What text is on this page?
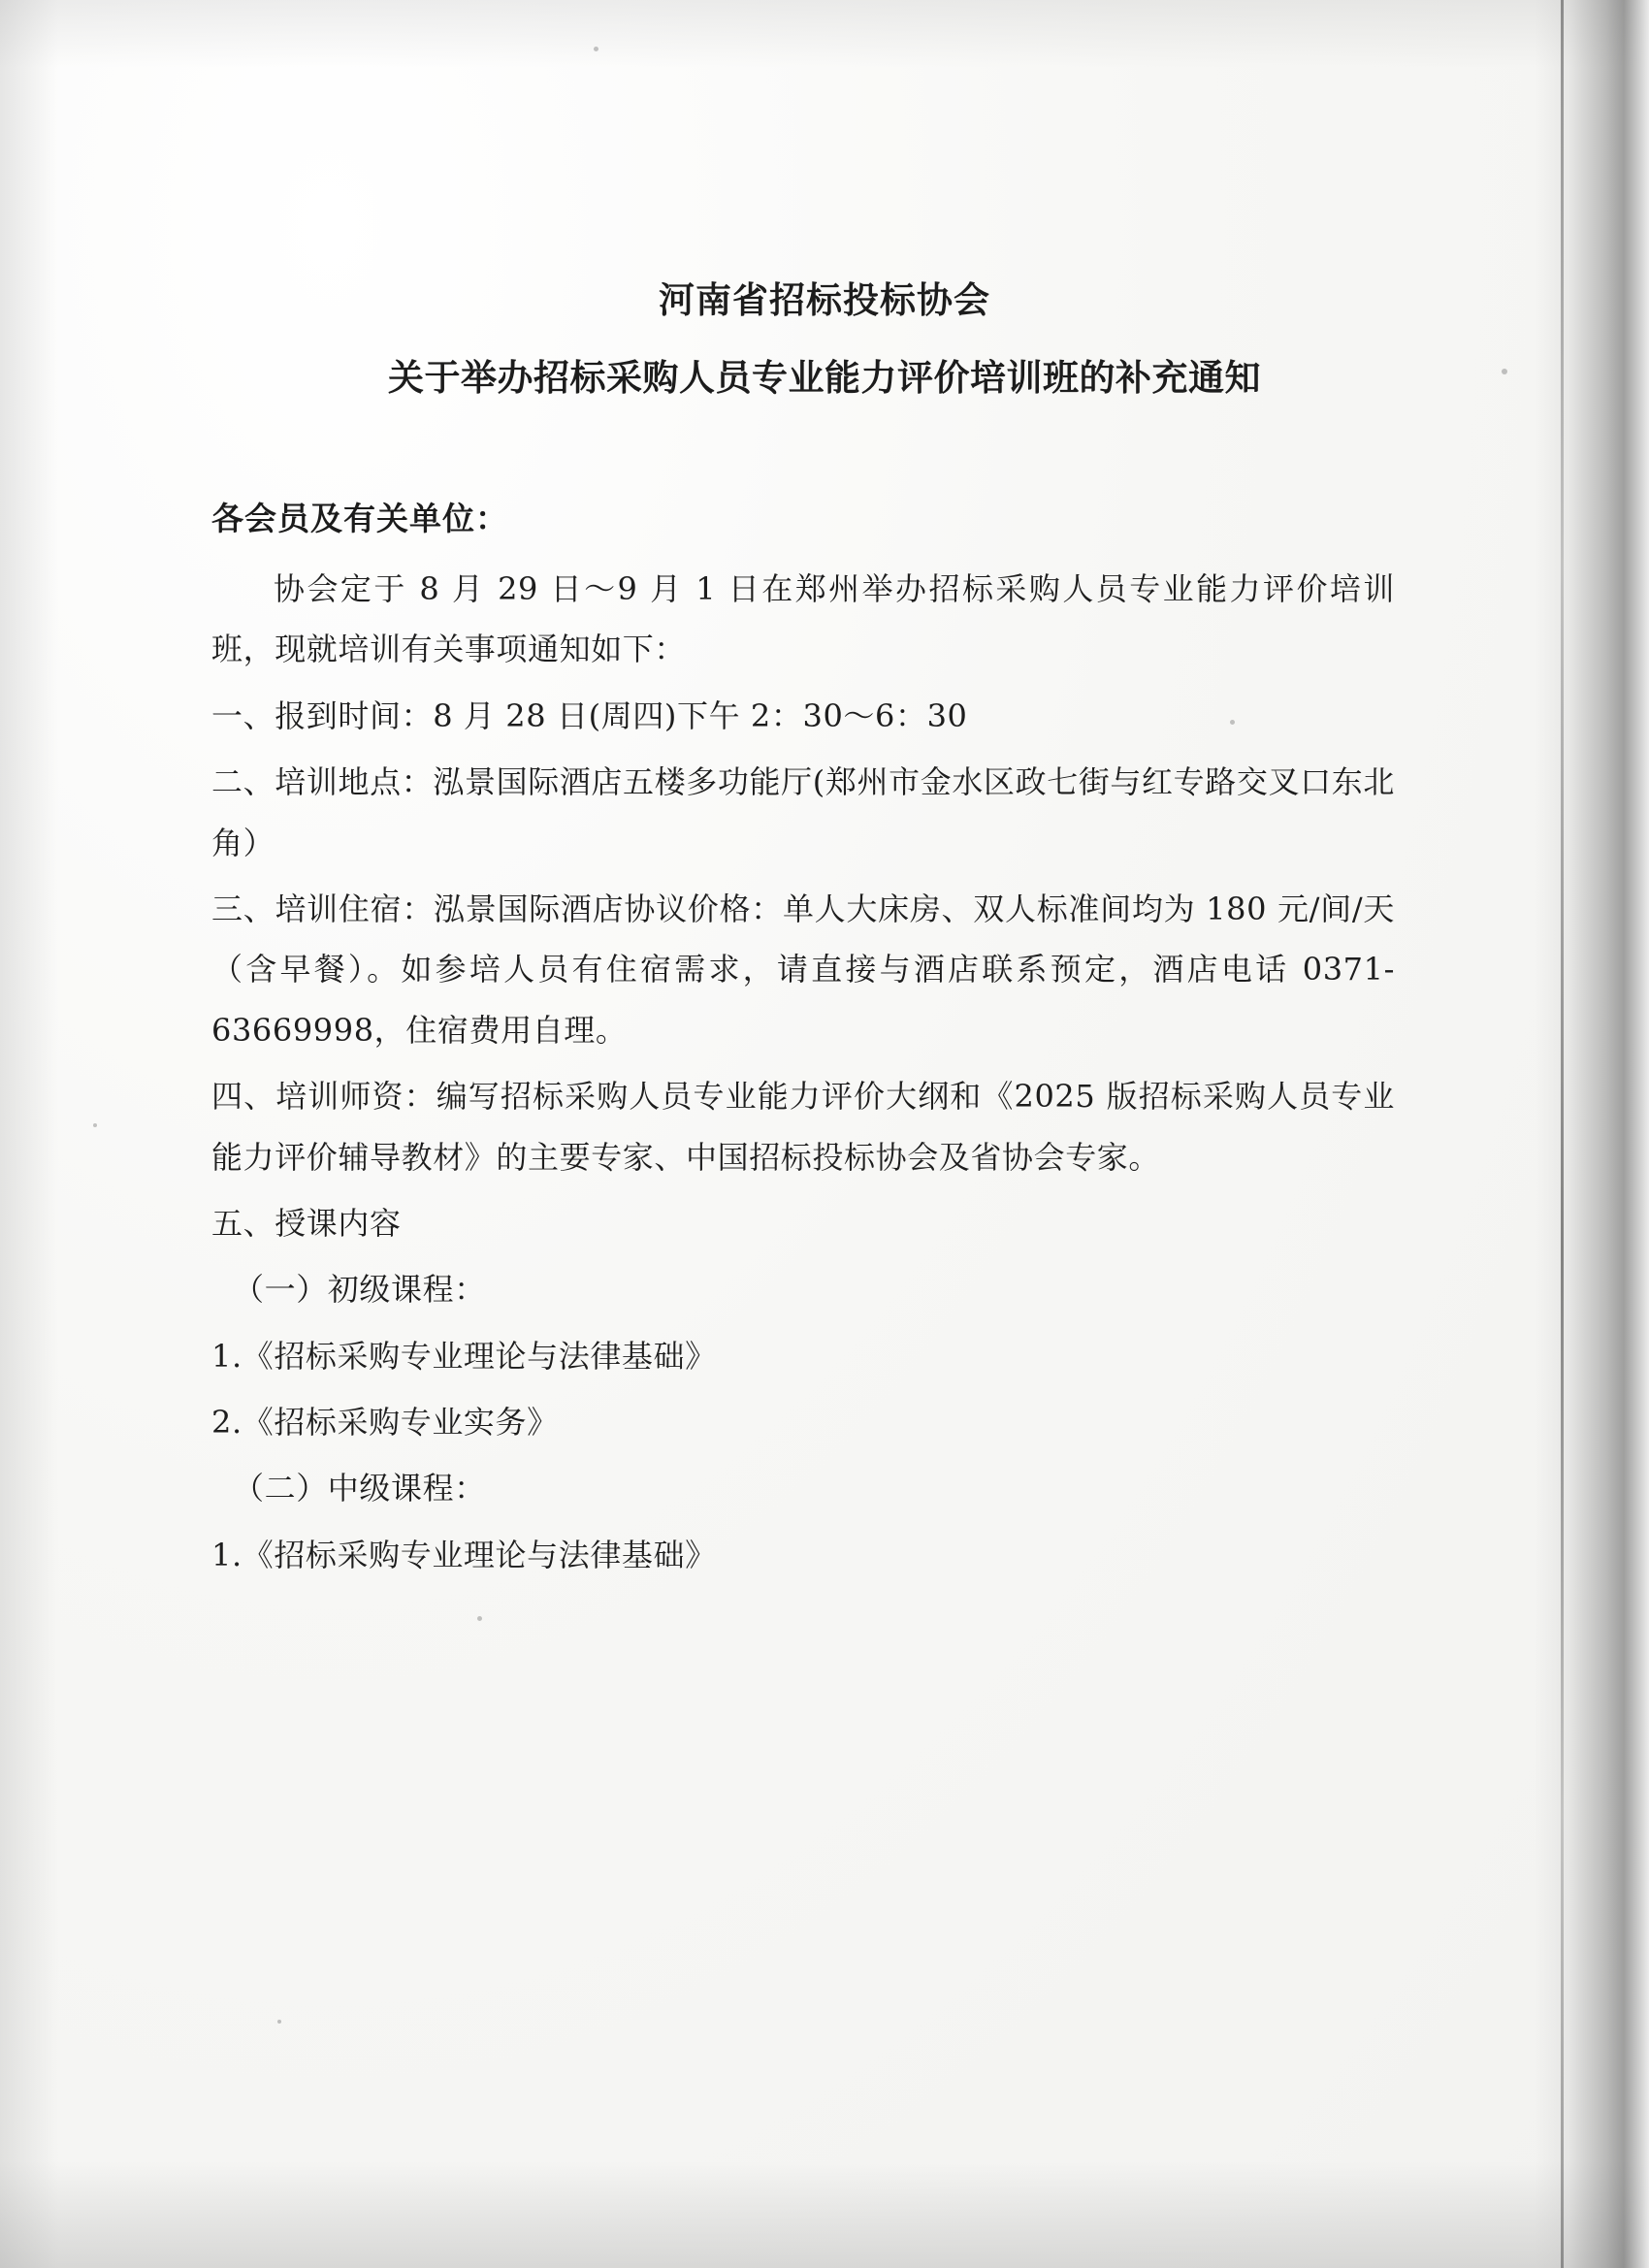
河南省招标投标协会
关于举办招标采购人员专业能力评价培训班的补充通知
各会员及有关单位：

协会定于 8 月 29 日～9 月 1 日在郑州举办招标采购人员专业能力评价培训班，现就培训有关事项通知如下：

一、报到时间：8 月 28 日(周四)下午 2：30～6：30

二、培训地点：泓景国际酒店五楼多功能厅(郑州市金水区政七街与红专路交叉口东北角）

三、培训住宿：泓景国际酒店协议价格：单人大床房、双人标准间均为 180 元/间/天（含早餐）。如参培人员有住宿需求，请直接与酒店联系预定，酒店电话 0371-63669998，住宿费用自理。

四、培训师资：编写招标采购人员专业能力评价大纲和《2025 版招标采购人员专业能力评价辅导教材》的主要专家、中国招标投标协会及省协会专家。

五、授课内容

（一）初级课程：

1.《招标采购专业理论与法律基础》

2.《招标采购专业实务》

（二）中级课程：

1.《招标采购专业理论与法律基础》
